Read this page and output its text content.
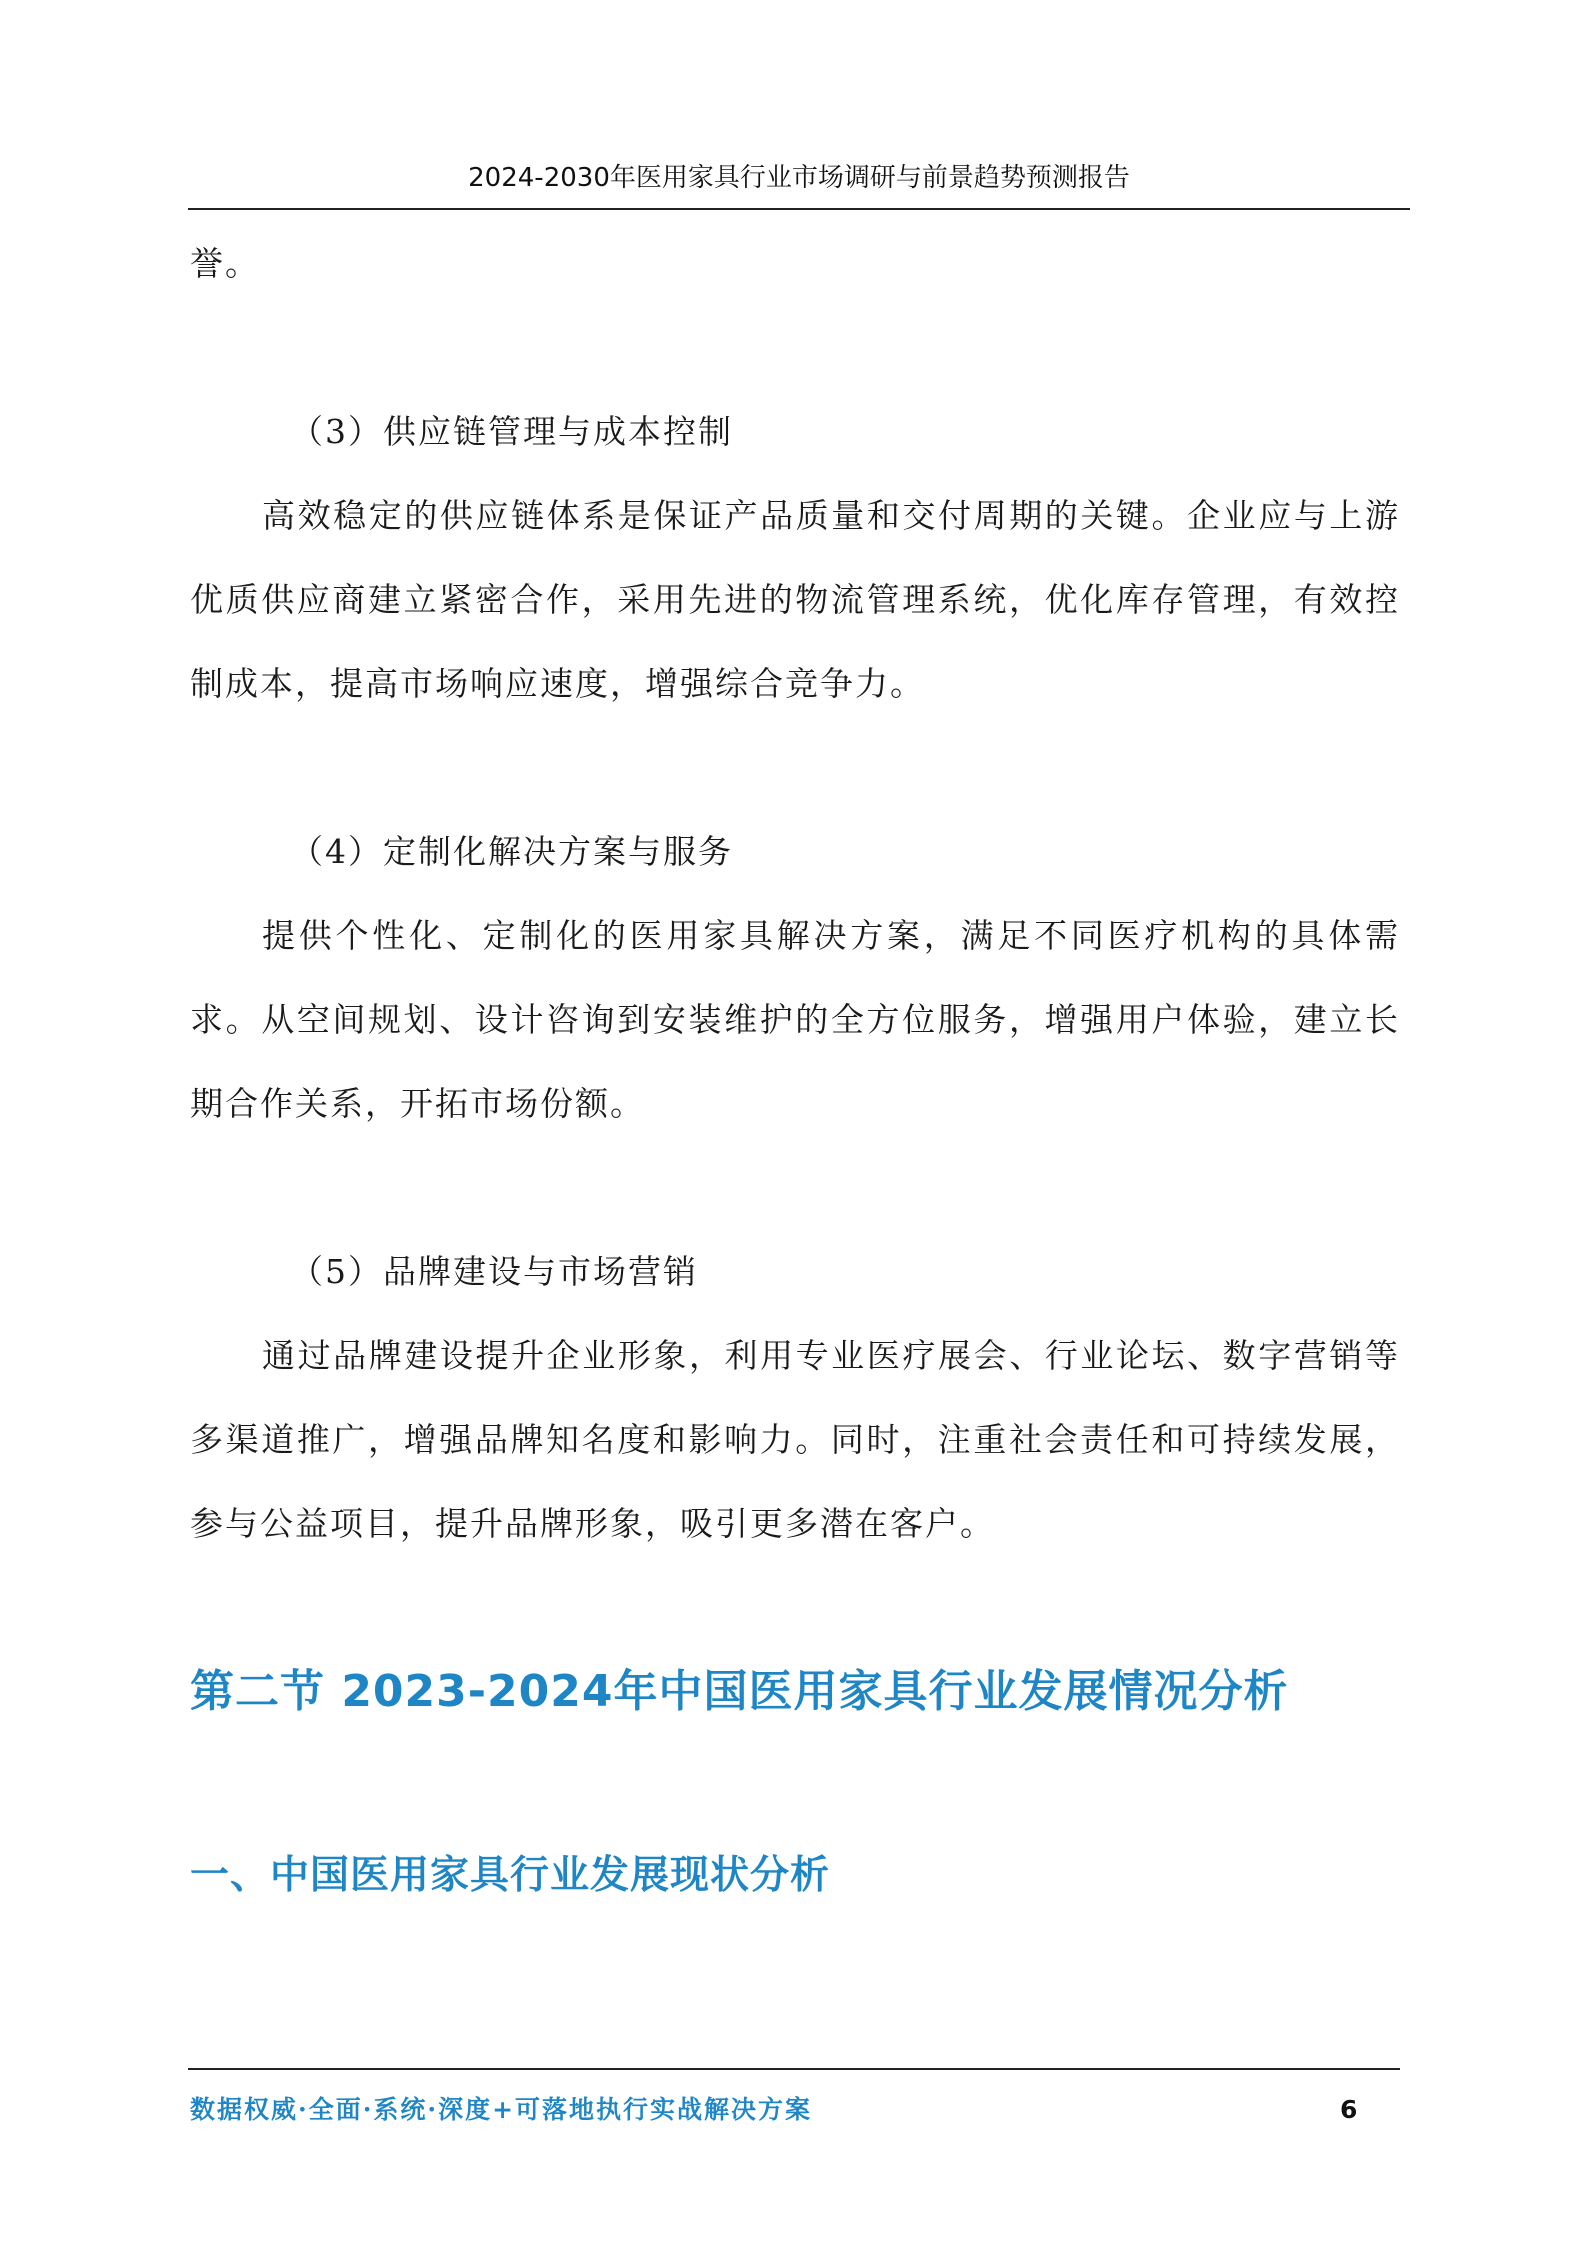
2024-2030年医用家具行业市场调研与前景趋势预测报告

誉。

（3）供应链管理与成本控制

高效稳定的供应链体系是保证产品质量和交付周期的关键。企业应与上游优质供应商建立紧密合作，采用先进的物流管理系统，优化库存管理，有效控制成本，提高市场响应速度，增强综合竞争力。

（4）定制化解决方案与服务

提供个性化、定制化的医用家具解决方案，满足不同医疗机构的具体需求。从空间规划、设计咨询到安装维护的全方位服务，增强用户体验，建立长期合作关系，开拓市场份额。

（5）品牌建设与市场营销

通过品牌建设提升企业形象，利用专业医疗展会、行业论坛、数字营销等多渠道推广，增强品牌知名度和影响力。同时，注重社会责任和可持续发展，参与公益项目，提升品牌形象，吸引更多潜在客户。

第二节 2023-2024年中国医用家具行业发展情况分析
一、中国医用家具行业发展现状分析
数据权威·全面·系统·深度+可落地执行实战解决方案	6
